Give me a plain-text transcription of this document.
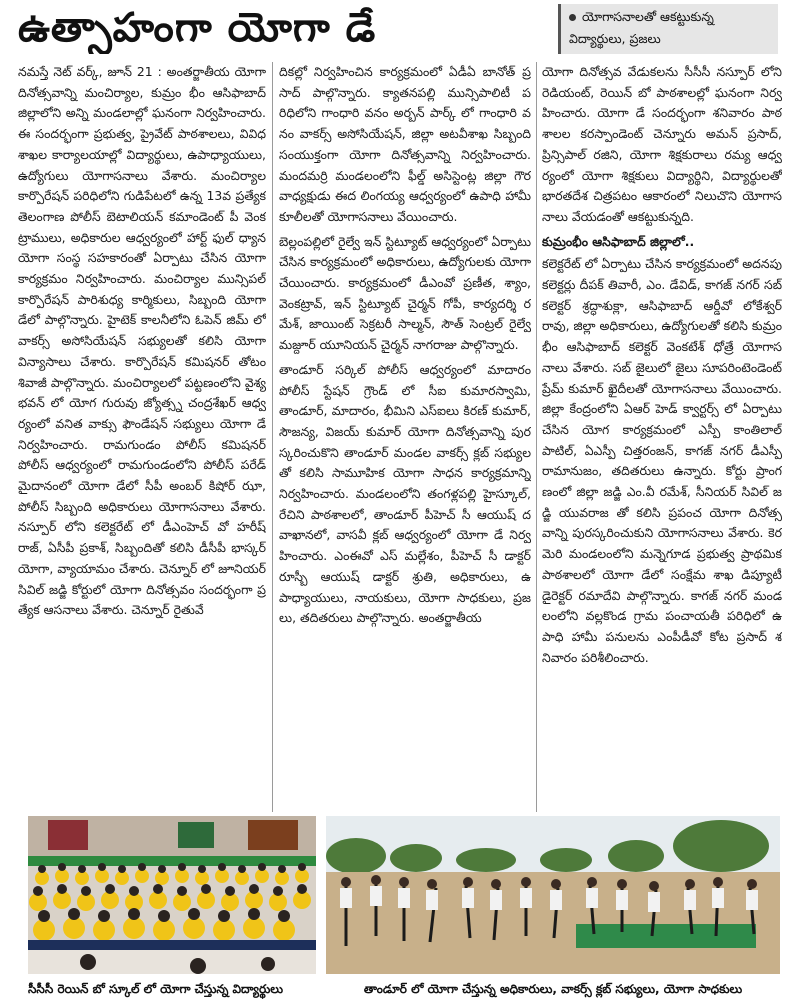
ఉత్సాహంగా యోగా డే	యోగాసనాలతో ఆకట్టుకున్న
విద్యార్థులు, ప్రజలు

నమస్తే నెట్ వర్క్, జూన్ 21 : అంతర్జాతీయ యోగా దినోత్సవాన్ని మంచిర్యాల, కుమ్రం భీం ఆసిఫాబాద్ జిల్లాలోని అన్ని మండలాల్లో ఘనంగా నిర్వహించారు. ఈ సందర్భంగా ప్రభుత్వ, ప్రైవేట్ పాఠశాలలు, వివిధ శాఖల కార్యాలయాల్లో విద్యార్థులు, ఉపాధ్యాయులు, ఉద్యోగులు యోగాసనాలు వేశారు. మంచిర్యాల కార్పొరేషన్ పరిధిలోని గుడిపేటలో ఉన్న 13వ ప్రత్యేక తెలంగాణ పోలీస్ బెటాలియన్ కమాండెంట్ పీ వెంకట్రాములు, అధికారుల ఆధ్వర్యంలో హార్ట్ ఫుల్ ధ్యాన యోగా సంస్థ సహకారంతో ఏర్పాటు చేసిన యోగా కార్యక్రమం నిర్వహించారు. మంచిర్యాల మున్సిపల్ కార్పొరేషన్ పారిశుధ్య కార్మికులు, సిబ్బంది యోగా డేలో పాల్గొన్నారు. హైటెక్ కాలనీలోని ఓపెన్ జిమ్ లో వాకర్స్ అసోసియేషన్ సభ్యులతో కలిసి యోగా విన్యాసాలు చేశారు. కార్పొరేషన్ కమిషనర్ తోటం శివాజీ పాల్గొన్నారు. మంచిర్యాలలో పట్టణంలోని వైశ్య భవన్ లో యోగ గురువు జ్యోత్స్న చంద్రశేఖర్ ఆధ్వర్యంలో వనిత వాక్సు ఫౌండేషన్ సభ్యులు యోగా డే నిర్వహించారు. రామగుండం పోలీస్ కమిషనర్ పోలీస్ ఆధ్వర్యంలో రామగుండంలోని పోలీస్ పరేడ్ మైదానంలో యోగా డేలో సీపీ అంబర్ కిషోర్ ఝా, పోలీస్ సిబ్బంది అధికారులు యోగాసనాలు వేశారు. నస్పూర్ లోని కలెక్టరేట్ లో డీఎంహెచ్ వో హరీష్ రాజ్, ఏసీపీ ప్రకాశ్, సిబ్బందితో కలిసి డీసీపీ భాస్కర్ యోగా, వ్యాయామం చేశారు. చెన్నూర్ లో జూనియర్ సివిల్ జడ్జి కోర్టులో యోగా దినోత్సవం సందర్భంగా ప్రత్యేక ఆసనాలు వేశారు. చెన్నూర్ రైతువే

దికల్లో నిర్వహించిన కార్యక్రమంలో ఏడీఏ బానోత్ ప్రసాద్ పాల్గొన్నారు. క్యాతనపల్లి మున్సిపాలిటీ పరిధిలోని గాంధారి వనం అర్బన్ పార్క్ లో గాంధారి వనం వాకర్స్ అసోసియేషన్, జిల్లా అటవీశాఖ సిబ్బంది సంయుక్తంగా యోగా దినోత్సవాన్ని నిర్వహించారు. మందమర్రి మండలంలోని ఫీల్డ్ అసిస్టెంట్ల జిల్లా గౌరవాధ్యక్షుడు ఈద లింగయ్య ఆధ్వర్యంలో ఉపాధి హామీ కూలీలతో యోగాసనాలు వేయించారు.

బెల్లంపల్లిలో రైల్వే ఇన్ స్టిట్యూట్ ఆధ్వర్యంలో ఏర్పాటు చేసిన కార్యక్రమంలో అధికారులు, ఉద్యోగులకు యోగా చేయించారు. కార్యక్రమంలో డీఎంవో ప్రణీత, శ్యాం, వెంకట్రావ్, ఇన్ స్టిట్యూట్ చైర్మన్ గోపీ, కార్యదర్శి రమేశ్, జాయింట్ సెక్రటరీ సాల్మన్, సౌత్ సెంట్రల్ రైల్వే మజ్దూర్ యూనియన్ చైర్మన్ నాగరాజు పాల్గొన్నారు.

తాండూర్ సర్కిల్ పోలీస్ ఆధ్వర్యంలో మాదారం పోలీస్ స్టేషన్ గ్రౌండ్ లో సీఐ కుమారస్వామి, తాండూర్, మాదారం, భీమిని ఎస్ఐలు కిరణ్ కుమార్, సౌజన్య, విజయ్ కుమార్ యోగా దినోత్సవాన్ని పురస్కరించుకొని తాండూర్ మండల వాకర్స్ క్లబ్ సభ్యులతో కలిసి సామూహిక యోగా సాధన కార్యక్రమాన్ని నిర్వహించారు. మండలంలోని తంగళ్లపల్లి హైస్కూల్, రేచిని పాఠశాలలో, తాండూర్ పీహెచ్ సీ ఆయుష్ దవాఖానలో, వాసవీ క్లబ్ ఆధ్వర్యంలో యోగా డే నిర్వహించారు. ఎంఈవో ఎస్ మల్లేశం, పీహెచ్ సీ డాక్టర్ రూస్బీ ఆయుష్ డాక్టర్ శ్రుతి, అధికారులు, ఉపాధ్యాయులు, నాయకులు, యోగా సాధకులు, ప్రజలు, తదితరులు పాల్గొన్నారు. అంతర్జాతీయ

యోగా దినోత్సవ వేడుకలను సీసీసీ నస్పూర్ లోని రెడియంట్, రెయిన్ బో పాఠశాలల్లో ఘనంగా నిర్వహించారు. యోగా డే సందర్భంగా శనివారం పాఠశాలల కరస్పాండెంట్ చెన్నూరు అమన్ ప్రసాద్, ప్రిన్సిపాల్ రజిని, యోగా శిక్షకురాలు రమ్య ఆధ్వర్యంలో యోగా శిక్షకులు విద్యార్థిని, విద్యార్థులతో భారతదేశ చిత్రపటం ఆకారంలో నిలుచొని యోగాసనాలు వేయడంతో ఆకట్టుకున్నది.

కుమ్రంభీం ఆసిఫాబాద్ జిల్లాలో..

కలెక్టరేట్ లో ఏర్పాటు చేసిన కార్యక్రమంలో అదనపు కలెక్టర్లు దీపక్ తివారీ, ఎం. డేవిడ్, కాగజ్ నగర్ సబ్ కలెక్టర్ శ్రద్ధాశుక్లా, ఆసిఫాబాద్ ఆర్డీవో లోకేశ్వర్ రావు, జిల్లా అధికారులు, ఉద్యోగులతో కలిసి కుమ్రం భీం ఆసిఫాబాద్ కలెక్టర్ వెంకటేశ్ ధోత్రే యోగాసనాలు వేశారు. సబ్ జైలులో జైలు సూపరింటెండెంట్ ప్రేమ్ కుమార్ ఖైదీలతో యోగాసనాలు వేయించారు. జిల్లా కేంద్రంలోని ఏఆర్ హెడ్ క్వార్టర్స్ లో ఏర్పాటు చేసిన యోగ కార్యక్రమంలో ఎస్పీ కాంతిలాల్ పాటిల్, ఏఎస్పీ చిత్తరంజన్, కాగజ్ నగర్ డీఎస్పీ రామానుజం, తదితరులు ఉన్నారు. కోర్టు ప్రాంగణంలో జిల్లా జడ్జి ఎం.వీ రమేశ్, సీనియర్ సివిల్ జడ్జి యువరాజ తో కలిసి ప్రపంచ యోగా దినోత్సవాన్ని పురస్కరించుకుని యోగాసనాలు వేశారు. కెరమెరి మండలంలోని మన్నెగూడ ప్రభుత్వ ప్రాథమిక పాఠశాలలో యోగా డేలో సంక్షేమ శాఖ డిప్యూటీ డైరెక్టర్ రమాదేవి పాల్గొన్నారు. కాగజ్ నగర్ మండలంలోని వల్లకొండ గ్రామ పంచాయతీ పరిధిలో ఉపాధి హామీ పనులను ఎంపీడీవో కోట ప్రసాద్ శనివారం పరిశీలించారు.

సీసీసీ రెయిన్ బో స్కూల్ లో యోగా చేస్తున్న విద్యార్థులు	తాండూర్ లో యోగా చేస్తున్న అధికారులు, వాకర్స్ క్లబ్ సభ్యులు, యోగా సాధకులు
